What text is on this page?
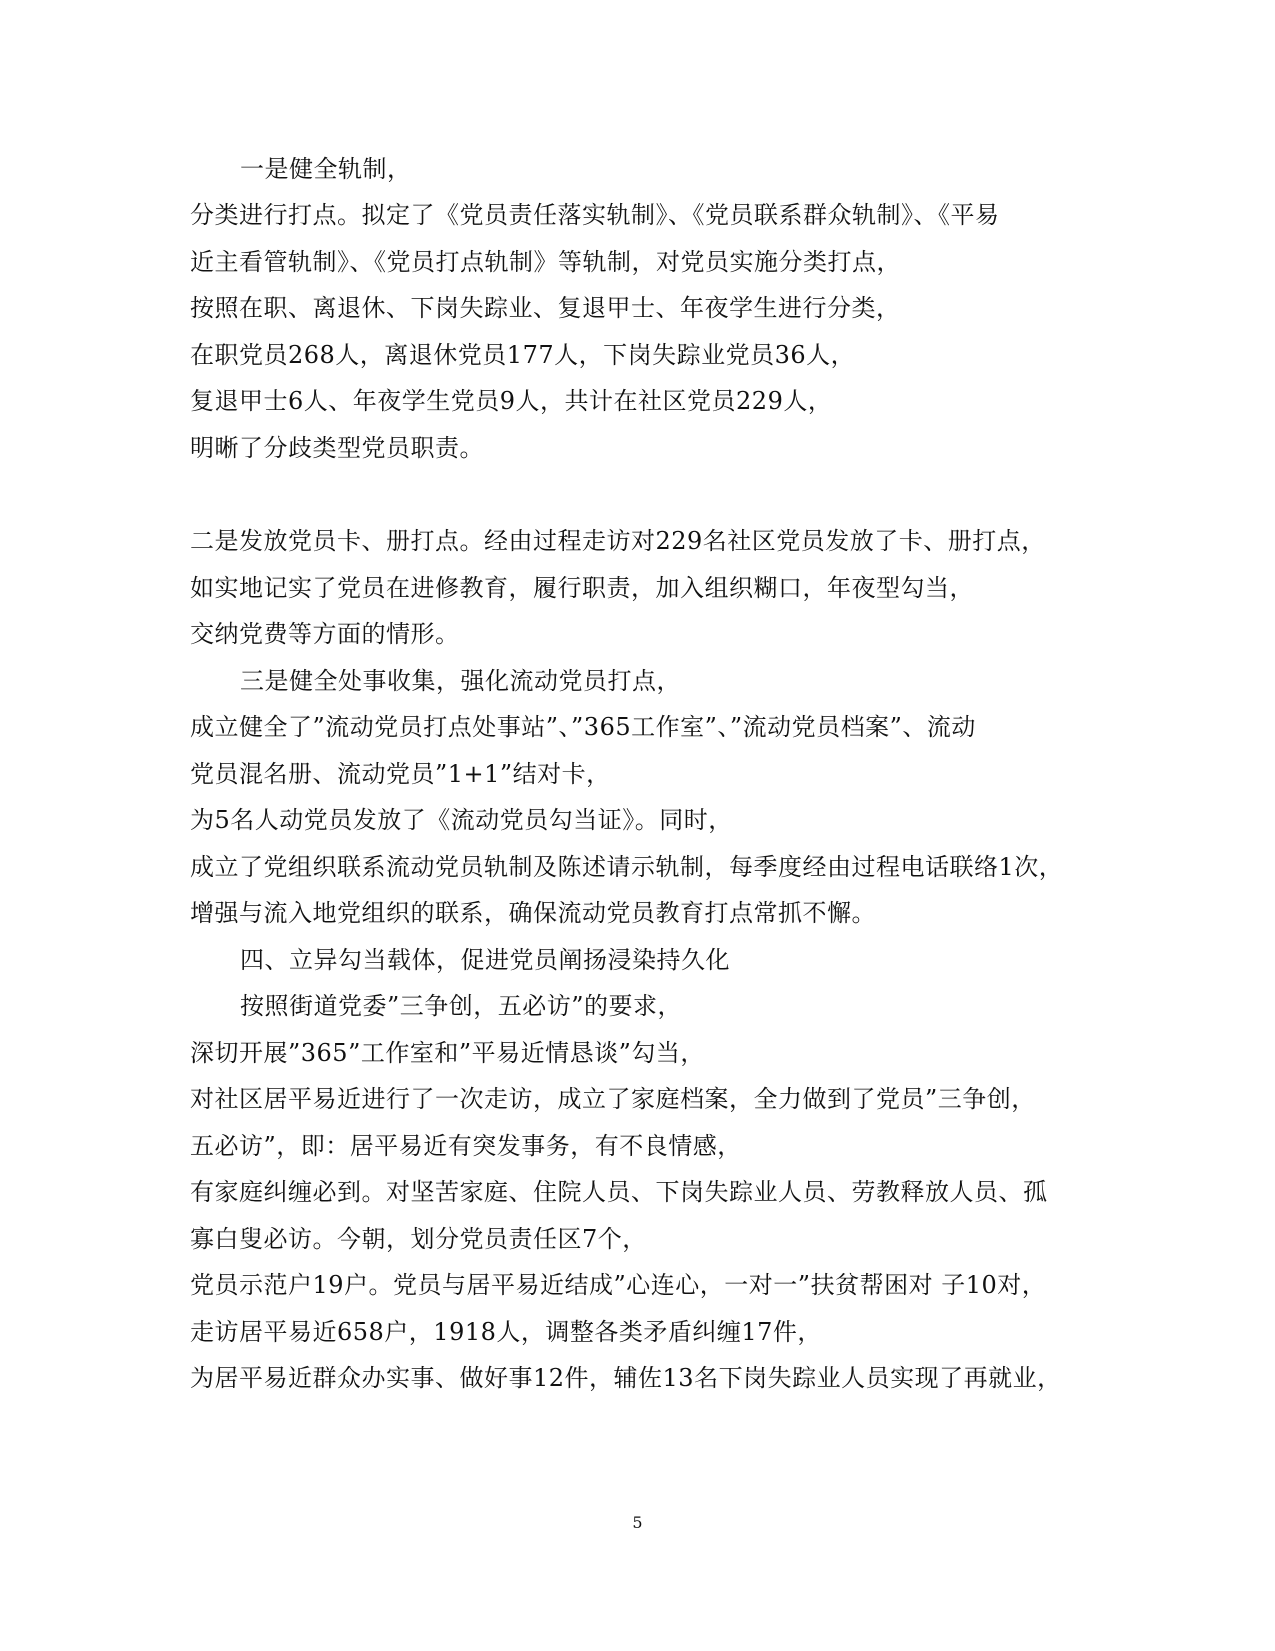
一是健全轨制，
分类进行打点。拟定了《党员责任落实轨制》、《党员联系群众轨制》、《平易
近主看管轨制》、《党员打点轨制》等轨制，对党员实施分类打点，
按照在职、离退休、下岗失踪业、复退甲士、年夜学生进行分类，
在职党员268人，离退休党员177人，下岗失踪业党员36人，
复退甲士6人、年夜学生党员9人，共计在社区党员229人，
明晰了分歧类型党员职责。
二是发放党员卡、册打点。经由过程走访对229名社区党员发放了卡、册打点，
如实地记实了党员在进修教育，履行职责，加入组织糊口，年夜型勾当，
交纳党费等方面的情形。
三是健全处事收集，强化流动党员打点，
成立健全了”流动党员打点处事站”、”365工作室”、”流动党员档案”、流动
党员混名册、流动党员”1+1”结对卡，
为5名人动党员发放了《流动党员勾当证》。同时，
成立了党组织联系流动党员轨制及陈述请示轨制，每季度经由过程电话联络1次，
增强与流入地党组织的联系，确保流动党员教育打点常抓不懈。
四、立异勾当载体，促进党员阐扬浸染持久化
按照街道党委”三争创，五必访”的要求，
深切开展”365”工作室和”平易近情恳谈”勾当，
对社区居平易近进行了一次走访，成立了家庭档案，全力做到了党员”三争创，
五必访”，即：居平易近有突发事务，有不良情感，
有家庭纠缠必到。对坚苦家庭、住院人员、下岗失踪业人员、劳教释放人员、孤
寡白叟必访。今朝，划分党员责任区7个，
党员示范户19户。党员与居平易近结成”心连心，一对一”扶贫帮困对 子10对，
走访居平易近658户，1918人，调整各类矛盾纠缠17件，
为居平易近群众办实事、做好事12件，辅佐13名下岗失踪业人员实现了再就业，
5
